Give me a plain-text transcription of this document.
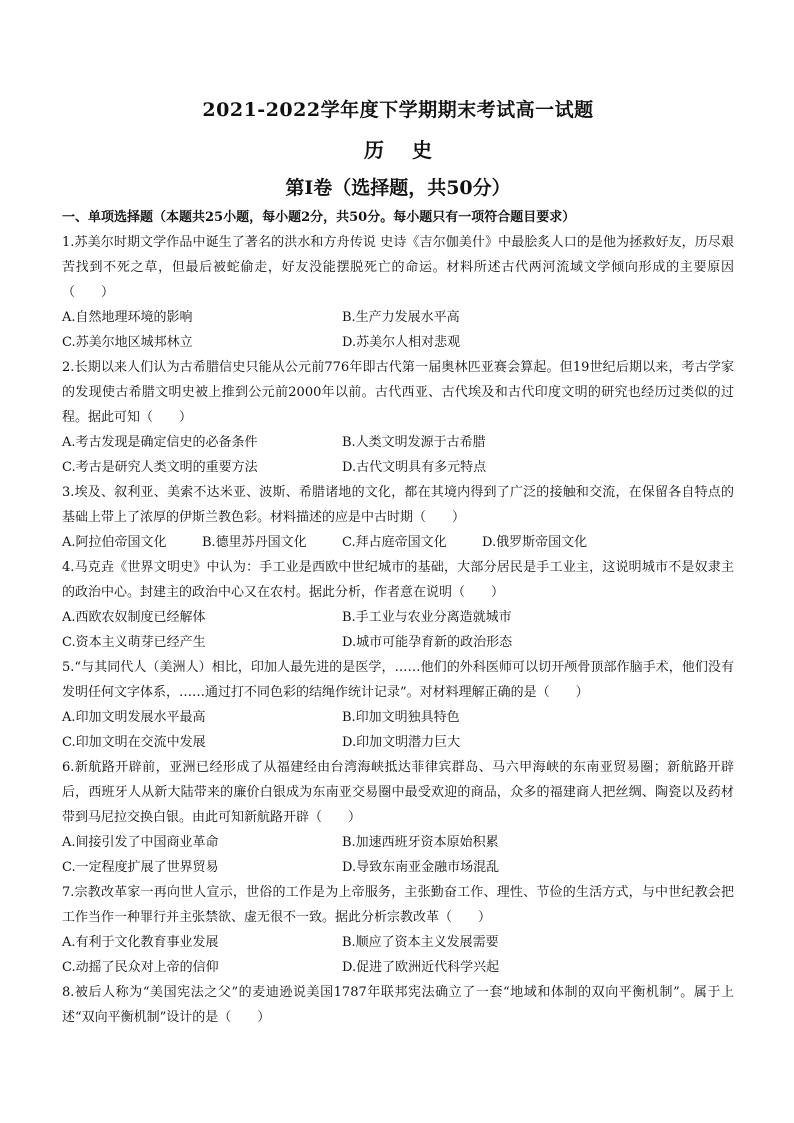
2021-2022学年度下学期期末考试高一试题
历 史
第Ⅰ卷（选择题，共50分）
一、单项选择题（本题共25小题，每小题2分，共50分。每小题只有一项符合题目要求）
1.苏美尔时期文学作品中诞生了著名的洪水和方舟传说 史诗《吉尔伽美什》中最脍炙人口的是他为拯救好友，历尽艰苦找到不死之草，但最后被蛇偷走，好友没能摆脱死亡的命运。材料所述古代两河流域文学倾向形成的主要原因（　　）
A.自然地理环境的影响	B.生产力发展水平高
C.苏美尔地区城邦林立	D.苏美尔人相对悲观
2.长期以来人们认为古希腊信史只能从公元前776年即古代第一届奥林匹亚赛会算起。但19世纪后期以来，考古学家的发现使古希腊文明史被上推到公元前2000年以前。古代西亚、古代埃及和古代印度文明的研究也经历过类似的过程。据此可知（　　）
A.考古发现是确定信史的必备条件	B.人类文明发源于古希腊
C.考古是研究人类文明的重要方法	D.古代文明具有多元特点
3.埃及、叙利亚、美索不达米亚、波斯、希腊诸地的文化，都在其境内得到了广泛的接触和交流，在保留各自特点的基础上带上了浓厚的伊斯兰教色彩。材料描述的应是中古时期（　　）
A.阿拉伯帝国文化	B.德里苏丹国文化	C.拜占庭帝国文化	D.俄罗斯帝国文化
4.马克垚《世界文明史》中认为：手工业是西欧中世纪城市的基础，大部分居民是手工业主，这说明城市不是奴隶主的政治中心。封建主的政治中心又在农村。据此分析，作者意在说明（　　）
A.西欧农奴制度已经解体	B.手工业与农业分离造就城市
C.资本主义萌芽已经产生	D.城市可能孕育新的政治形态
5.“与其同代人（美洲人）相比，印加人最先进的是医学，……他们的外科医师可以切开颅骨顶部作脑手术，他们没有发明任何文字体系，……通过打不同色彩的结绳作统计记录”。对材料理解正确的是（　　）
A.印加文明发展水平最高	B.印加文明独具特色
C.印加文明在交流中发展	D.印加文明潜力巨大
6.新航路开辟前，亚洲已经形成了从福建经由台湾海峡抵达菲律宾群岛、马六甲海峡的东南亚贸易圈；新航路开辟后，西班牙人从新大陆带来的廉价白银成为东南亚交易圈中最受欢迎的商品，众多的福建商人把丝绸、陶瓷以及药材带到马尼拉交换白银。由此可知新航路开辟（　　）
A.间接引发了中国商业革命	B.加速西班牙资本原始积累
C.一定程度扩展了世界贸易	D.导致东南亚金融市场混乱
7.宗教改革家一再向世人宣示，世俗的工作是为上帝服务，主张勤奋工作、理性、节俭的生活方式，与中世纪教会把工作当作一种罪行并主张禁欲、虚无很不一致。据此分析宗教改革（　　）
A.有利于文化教育事业发展	B.顺应了资本主义发展需要
C.动摇了民众对上帝的信仰	D.促进了欧洲近代科学兴起
8.被后人称为“美国宪法之父”的麦迪逊说美国1787年联邦宪法确立了一套“地域和体制的双向平衡机制”。属于上述“双向平衡机制”设计的是（　　）
